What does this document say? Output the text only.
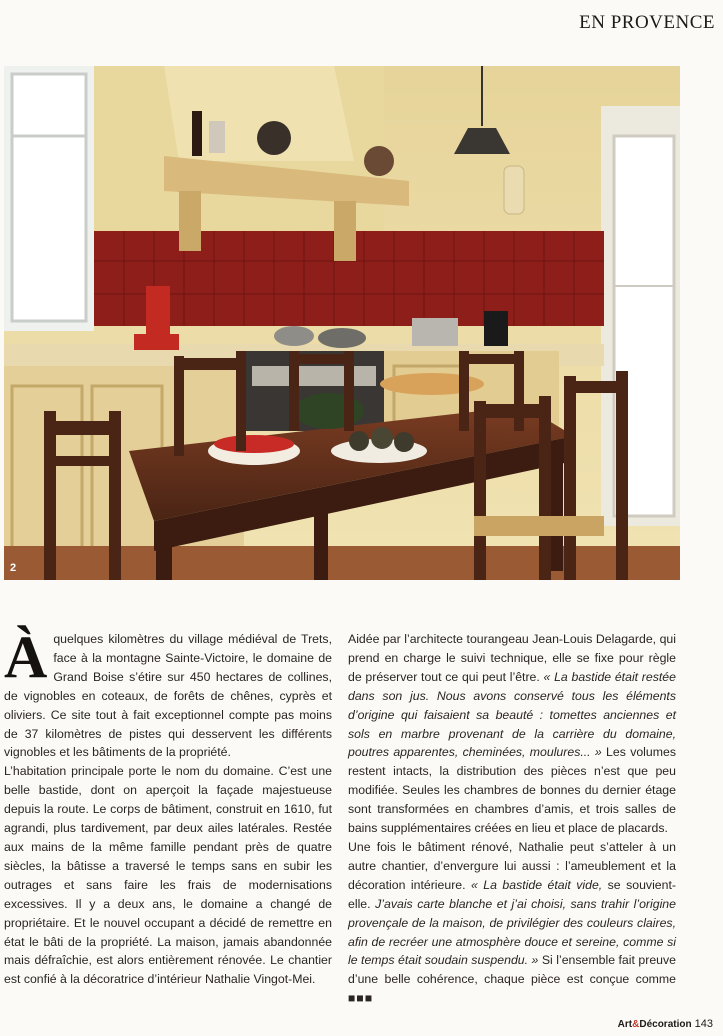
EN PROVENCE
2

À quelques kilomètres du village médiéval de Trets, face à la montagne Sainte-Victoire, le domaine de Grand Boise s’étire sur 450 hectares de collines, de vignobles en coteaux, de forêts de chênes, cyprès et oliviers. Ce site tout à fait exceptionnel compte pas moins de 37 kilomètres de pistes qui desservent les différents vignobles et les bâtiments de la propriété.

L’habitation principale porte le nom du domaine. C’est une belle bastide, dont on aperçoit la façade majestueuse depuis la route. Le corps de bâtiment, construit en 1610, fut agrandi, plus tardivement, par deux ailes latérales. Restée aux mains de la même famille pendant près de quatre siècles, la bâtisse a traversé le temps sans en subir les outrages et sans faire les frais de modernisations excessives. Il y a deux ans, le domaine a changé de propriétaire. Et le nouvel occupant a décidé de remettre en état le bâti de la propriété. La maison, jamais abandonnée mais défraîchie, est alors entièrement rénovée. Le chantier est confié à la décoratrice d’intérieur Nathalie Vingot-Mei.

Aidée par l’architecte tourangeau Jean-Louis Delagarde, qui prend en charge le suivi technique, elle se fixe pour règle de préserver tout ce qui peut l’être. « La bastide était restée dans son jus. Nous avons conservé tous les éléments d’origine qui faisaient sa beauté : tomettes anciennes et sols en marbre provenant de la carrière du domaine, poutres apparentes, cheminées, moulures... » Les volumes restent intacts, la distribution des pièces n’est que peu modifiée. Seules les chambres de bonnes du dernier étage sont transformées en chambres d’amis, et trois salles de bains supplémentaires créées en lieu et place de placards.

Une fois le bâtiment rénové, Nathalie peut s’atteler à un autre chantier, d’envergure lui aussi : l’ameublement et la décoration intérieure. « La bastide était vide, se souvient-elle. J’avais carte blanche et j’ai choisi, sans trahir l’origine provençale de la maison, de privilégier des couleurs claires, afin de recréer une atmosphère douce et sereine, comme si le temps était soudain suspendu. » Si l’ensemble fait preuve d’une belle cohérence, chaque pièce est conçue comme ■■■

Art&Décoration 143
